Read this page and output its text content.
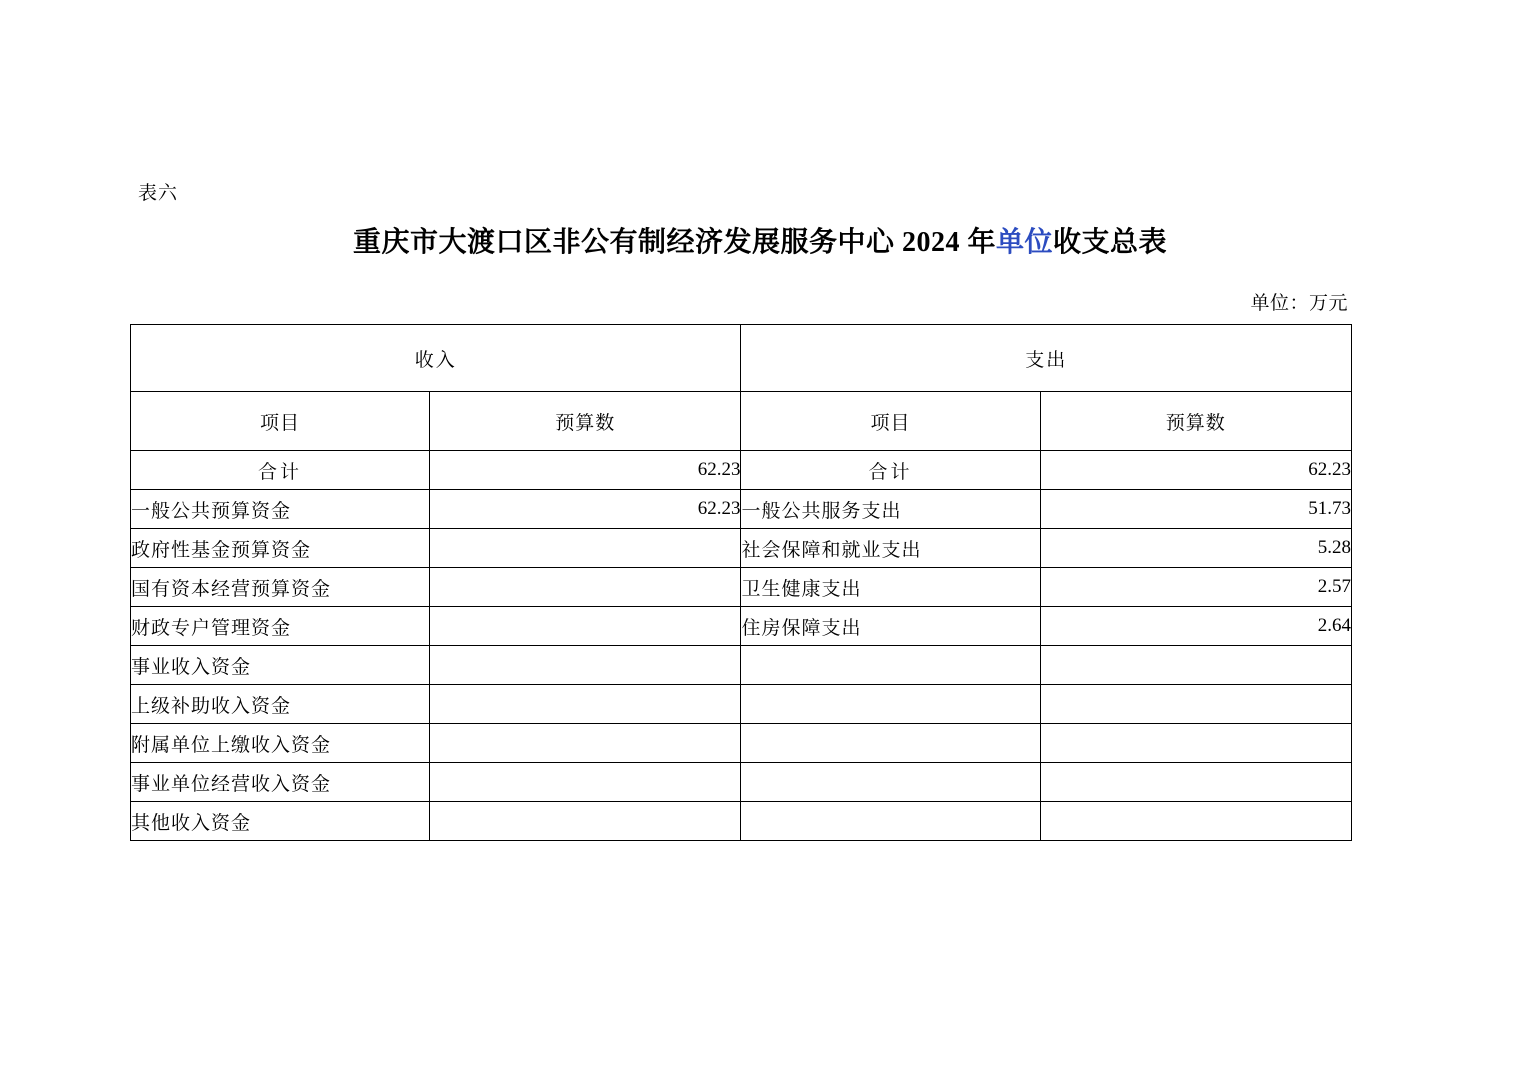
表六
重庆市大渡口区非公有制经济发展服务中心 2024 年单位收支总表
单位：万元
收入		支出	
项目	预算数	项目	预算数
合计	62.23	合计	62.23
一般公共预算资金	62.23	一般公共服务支出	51.73
政府性基金预算资金		社会保障和就业支出	5.28
国有资本经营预算资金		卫生健康支出	2.57
财政专户管理资金		住房保障支出	2.64
事业收入资金			
上级补助收入资金			
附属单位上缴收入资金			
事业单位经营收入资金			
其他收入资金			
